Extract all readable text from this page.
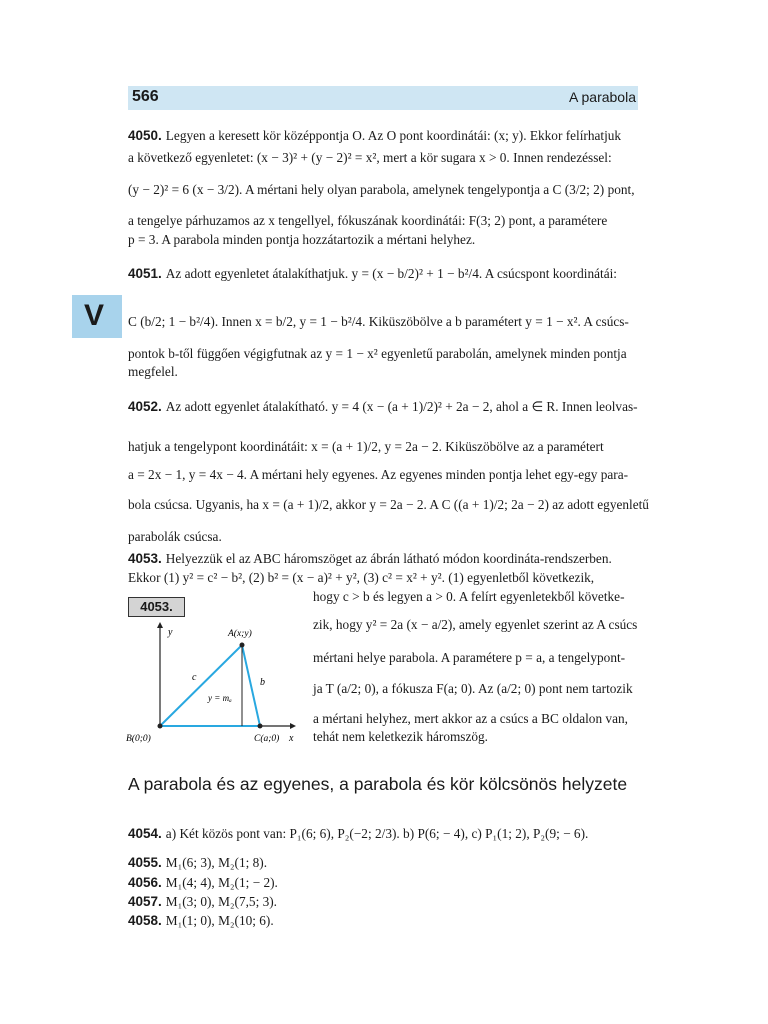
566	A parabola
V
4050. Legyen a keresett kör középpontja O. Az O pont koordinátái: (x; y). Ekkor felírhatjuk
a következő egyenletet: (x − 3)² + (y − 2)² = x², mert a kör sugara x > 0. Innen rendezéssel:
(y − 2)² = 6 (x − 3/2). A mértani hely olyan parabola, amelynek tengelypontja a C (3/2; 2) pont,
a tengelye párhuzamos az x tengellyel, fókuszának koordinátái: F(3; 2) pont, a paramétere
p = 3. A parabola minden pontja hozzátartozik a mértani helyhez.
4051. Az adott egyenletet átalakíthatjuk. y = (x − b/2)² + 1 − b²/4. A csúcspont koordinátái:
C (b/2; 1 − b²/4). Innen x = b/2, y = 1 − b²/4. Kiküszöbölve a b paramétert y = 1 − x². A csúcs-
pontok b-től függően végigfutnak az y = 1 − x² egyenletű parabolán, amelynek minden pontja
megfelel.
4052. Az adott egyenlet átalakítható. y = 4 (x − (a + 1)/2)² + 2a − 2, ahol a ∈ R. Innen leolvas-
hatjuk a tengelypont koordinátáit: x = (a + 1)/2, y = 2a − 2. Kiküszöbölve az a paramétert
a = 2x − 1, y = 4x − 4. A mértani hely egyenes. Az egyenes minden pontja lehet egy-egy para-
bola csúcsa. Ugyanis, ha x = (a + 1)/2, akkor y = 2a − 2. A C ((a + 1)/2; 2a − 2) az adott egyenletű
parabolák csúcsa.
4053. Helyezzük el az ABC háromszöget az ábrán látható módon koordináta-rendszerben.
Ekkor (1) y² = c² − b², (2) b² = (x − a)² + y², (3) c² = x² + y². (1) egyenletből következik,
hogy c > b és legyen a > 0. A felírt egyenletekből követke-
zik, hogy y² = 2a (x − a/2), amely egyenlet szerint az A csúcs
mértani helye parabola. A paramétere p = a, a tengelypont-
ja T (a/2; 0), a fókusza F(a; 0). Az (a/2; 0) pont nem tartozik
a mértani helyhez, mert akkor az a csúcs a BC oldalon van,
tehát nem keletkezik háromszög.
4053.
y
x
A(x;y)
B(0;0)	C(a;0)
c	b
y = mₐ
A parabola és az egyenes, a parabola és kör kölcsönös helyzete
4054. a) Két közös pont van: P₁(6; 6), P₂(−2; 2/3). b) P(6; − 4), c) P₁(1; 2), P₂(9; − 6).
4055. M₁(6; 3), M₂(1; 8).
4056. M₁(4; 4), M₂(1; − 2).
4057. M₁(3; 0), M₂(7,5; 3).
4058. M₁(1; 0), M₂(10; 6).
